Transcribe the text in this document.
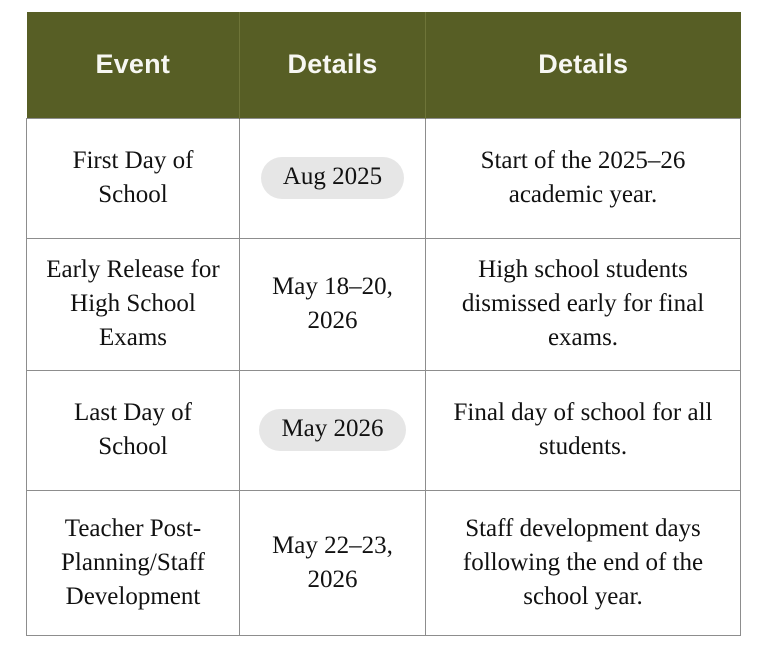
Event	Details	Details
First Day of School	Aug 2025	Start of the 2025–26 academic year.
Early Release for High School Exams	May 18–20, 2026	High school students dismissed early for final exams.
Last Day of School	May 2026	Final day of school for all students.
Teacher Post-Planning/Staff Development	May 22–23, 2026	Staff development days following the end of the school year.
